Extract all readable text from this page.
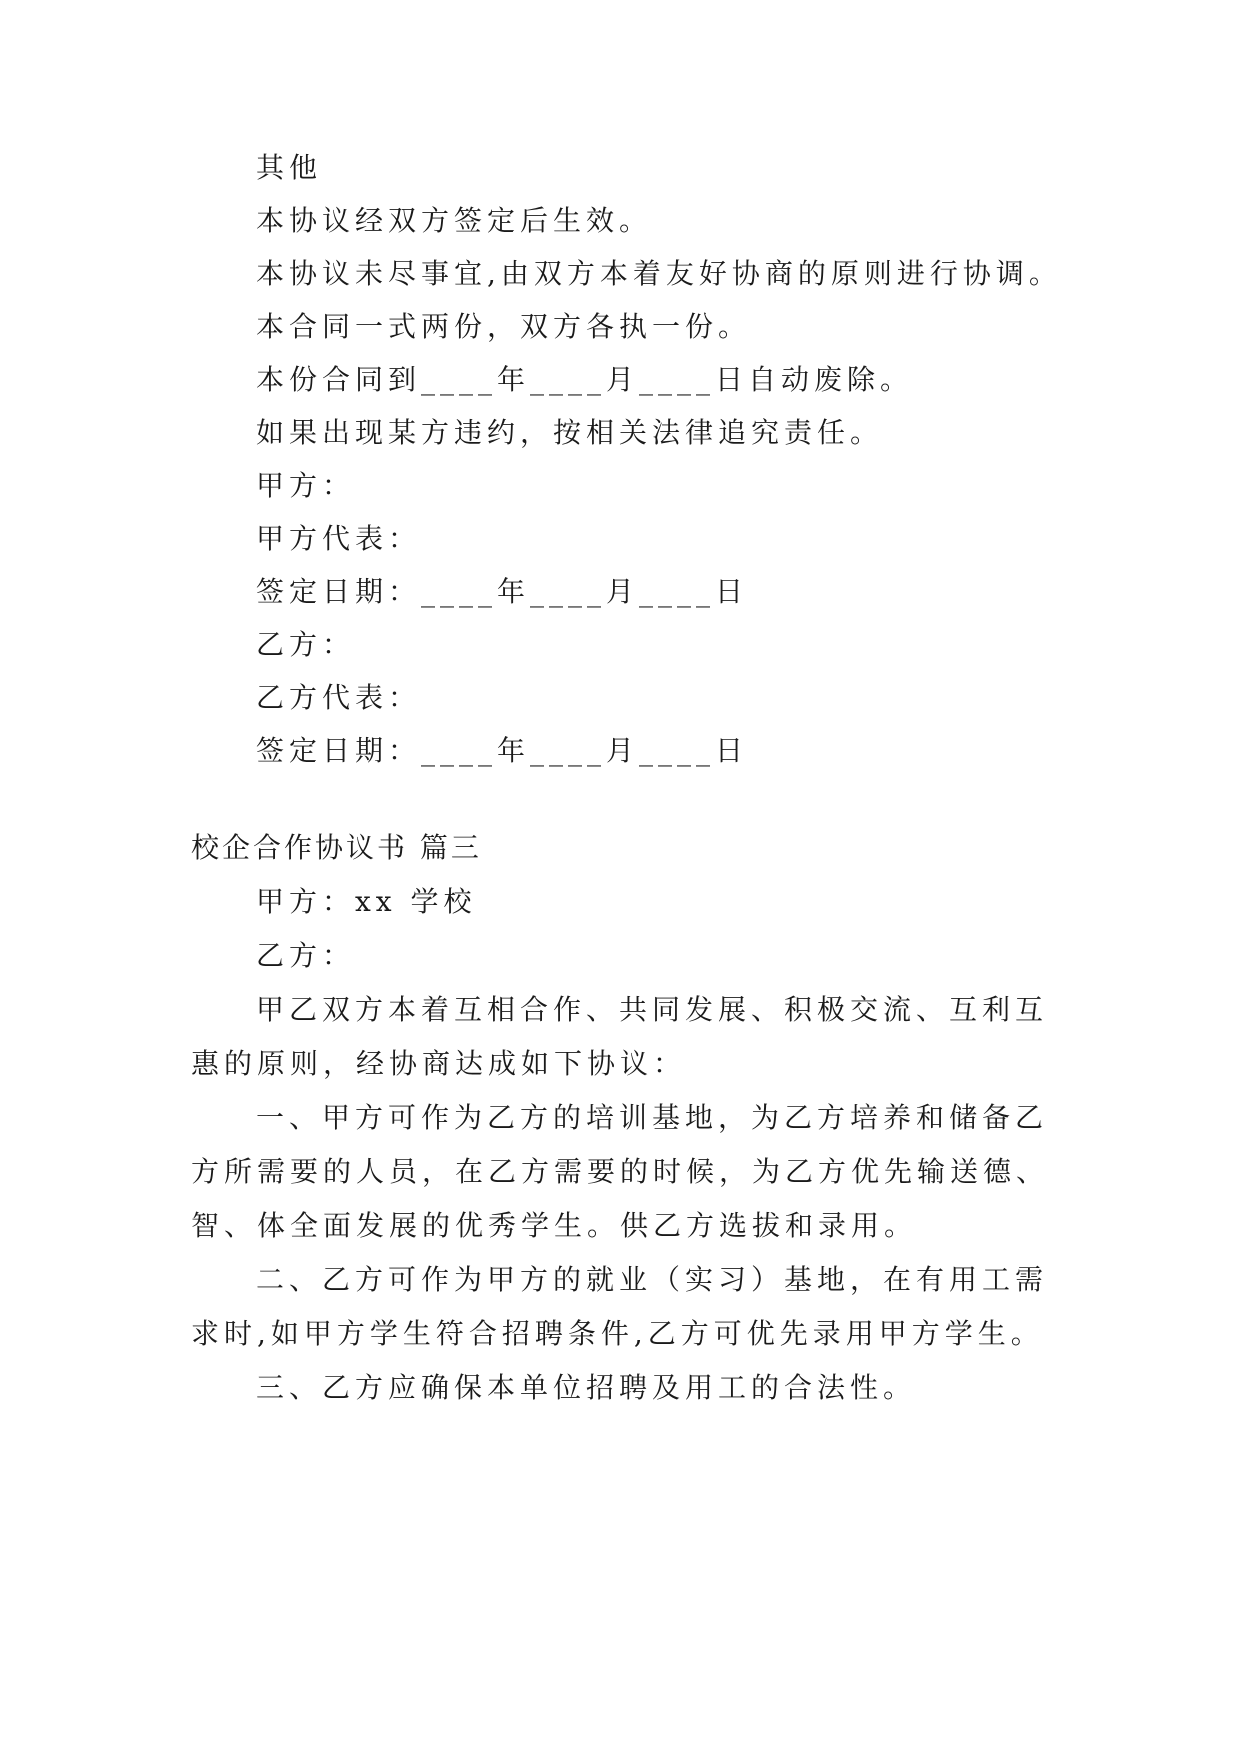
其他
本协议经双方签定后生效。
本协议未尽事宜,由双方本着友好协商的原则进行协调。
本合同一式两份，双方各执一份。
本份合同到____年____月____日自动废除。
如果出现某方违约，按相关法律追究责任。
甲方：
甲方代表：
签定日期：____年____月____日
乙方：
乙方代表：
签定日期：____年____月____日
校企合作协议书 篇三
甲方：xx 学校
乙方：
甲乙双方本着互相合作、共同发展、积极交流、互利互
惠的原则，经协商达成如下协议：
一、甲方可作为乙方的培训基地，为乙方培养和储备乙
方所需要的人员，在乙方需要的时候，为乙方优先输送德、
智、体全面发展的优秀学生。供乙方选拔和录用。
二、乙方可作为甲方的就业（实习）基地，在有用工需
求时,如甲方学生符合招聘条件,乙方可优先录用甲方学生。
三、乙方应确保本单位招聘及用工的合法性。
